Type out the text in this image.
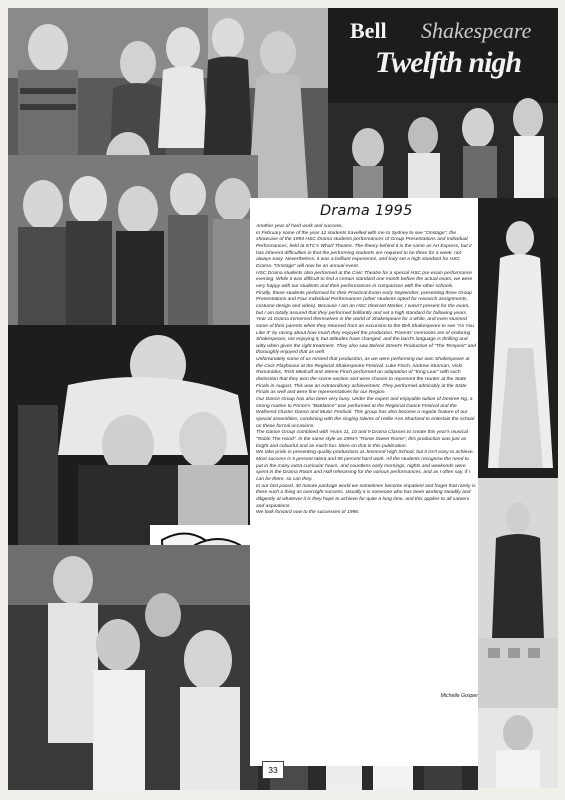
Bell Shakespeare
Twelfth nigh
Drama 1995

Another year of hard work and success.

In February some of the year 12 students travelled with me to Sydney to see "Onstage", the showcase of the 1994 HSC Drama students performances of Group Presentations and Individual Performances, held at STC's Wharf Theatre. The theory behind it is the same as Art Express, but it has inherent difficulties in that the performing students are required to be there for a week, not always easy. Nevertheless, it was a brilliant experience, and truly set a high standard for HSC Drama. "Onstage" will now be an annual event.

HSC Drama students also performed at the Civic Theatre for a special HSC pre exam performance evening. While it was difficult to find a certain standard one month before the actual exam, we were very happy with our students and their performances in comparison with the other schools.

Finally, these students performed for their Practical Exam early September, presenting three Group Presentations and Four Individual Performances (other students opted for research assignments, costume design and video). Because I am an HSC Itinerant Marker, I wasn't present for the exam, but I am totally assured that they performed brilliantly and set a high standard for following years.

Year 11 Drama immersed themselves in the world of Shakespeare for a while, and even stunned some of their parents when they returned from an excursion to the Bell Shakespeare to see "As You Like It" by raving about how much they enjoyed the production. Parents' memories are of enduring Shakespeare, not enjoying it, but attitudes have changed, and the bard's language is thrilling and witty when given the right treatment. They also saw Belvoir Street's Production of "The Tempest" and thoroughly enjoyed that as well.

Unfortunately some of us missed that production, as we were performing our own Shakespeare at the Civic Playhouse at the Regional Shakespeare Festival. Luke Finch, Andrew Sturman, Vicki Romanidos, Trish Medcalf and Jelene Finch performed an adaptation of "King Lear" with such distinction that they won the scene section and were chosen to represent the Hunter at the State Finals in August. This was an extraordinary achievement. They performed admirably at the State Finals as well and were fine representatives for our Region.

Our Dance Group has also been very busy. Under the expert and enjoyable tuition of Desiree Ng, a strong routine to Prince's "Batdance" was performed at the Regional Dance Festival and the Wallsend Cluster Dance and Music Festival. This group has also become a regular feature of our special assemblies, combining with the singing talents of Hollie Ann Sharland to entertain the school on these formal occasions.

The Dance Group combined with Years 11, 10 and 9 Drama Classes to create this year's musical "Robin The Hood". In the same style as 1994's "Rome Sweet Rome", this production was just as bright and colourful and as much fun. More on that in this publication.

We take pride in presenting quality productions at Jesmond High School, but it isn't easy to achieve. Most success is 5 percent talent and 95 percent hard work. All the students recognise the need to put in the many extra curricular hours, and countless early mornings, nights and weekends were spent in the Drama Room and Hall rehearsing for the various performances, and as I often say, if I can be there, so can they.

In our fast paced, 30 minute package world we sometimes become impatient and forget that rarely is there such a thing as overnight success. Usually it is someone who has been working steadily and diligently at whatever it is they hope to achieve for quite a long time, and this applies to all careers and aspirations.

We look forward now to the successes of 1996.

Michelle Gosper
33
